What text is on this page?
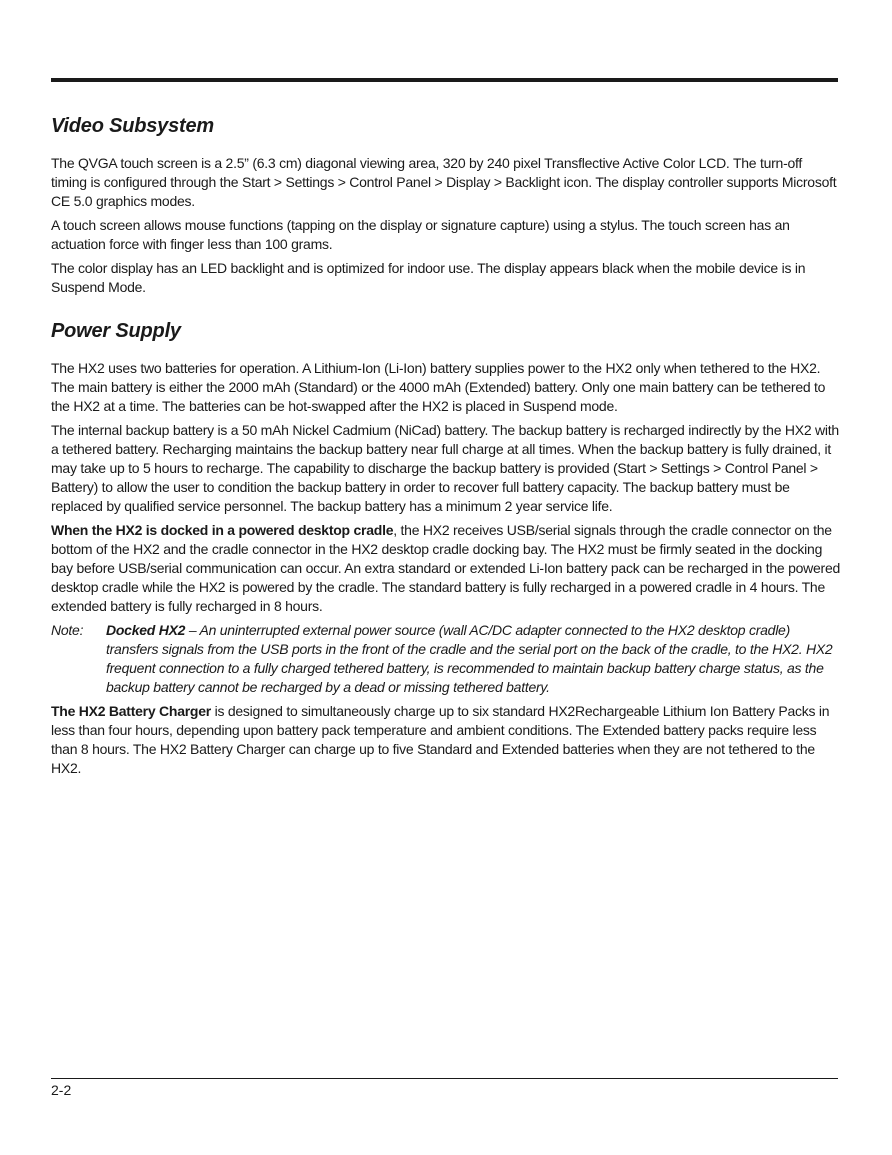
Video Subsystem

The QVGA touch screen is a 2.5” (6.3 cm) diagonal viewing area, 320 by 240 pixel Transflective Active Color LCD. The turn-off timing is configured through the Start > Settings > Control Panel > Display > Backlight icon. The display controller supports Microsoft CE 5.0 graphics modes.

A touch screen allows mouse functions (tapping on the display or signature capture) using a stylus. The touch screen has an actuation force with finger less than 100 grams.

The color display has an LED backlight and is optimized for indoor use. The display appears black when the mobile device is in Suspend Mode.

Power Supply

The HX2 uses two batteries for operation. A Lithium-Ion (Li-Ion) battery supplies power to the HX2 only when tethered to the HX2. The main battery is either the 2000 mAh (Standard) or the 4000 mAh (Extended) battery. Only one main battery can be tethered to the HX2 at a time. The batteries can be hot-swapped after the HX2 is placed in Suspend mode.

The internal backup battery is a 50 mAh Nickel Cadmium (NiCad) battery. The backup battery is recharged indirectly by the HX2 with a tethered battery. Recharging maintains the backup battery near full charge at all times. When the backup battery is fully drained, it may take up to 5 hours to recharge. The capability to discharge the backup battery is provided (Start > Settings > Control Panel > Battery) to allow the user to condition the backup battery in order to recover full battery capacity. The backup battery must be replaced by qualified service personnel. The backup battery has a minimum 2 year service life.

When the HX2 is docked in a powered desktop cradle, the HX2 receives USB/serial signals through the cradle connector on the bottom of the HX2 and the cradle connector in the HX2 desktop cradle docking bay. The HX2 must be firmly seated in the docking bay before USB/serial communication can occur. An extra standard or extended Li-Ion battery pack can be recharged in the powered desktop cradle while the HX2 is powered by the cradle. The standard battery is fully recharged in a powered cradle in 4 hours. The extended battery is fully recharged in 8 hours.

Note:	Docked HX2 – An uninterrupted external power source (wall AC/DC adapter connected to the HX2 desktop cradle) transfers signals from the USB ports in the front of the cradle and the serial port on the back of the cradle, to the HX2. HX2 frequent connection to a fully charged tethered battery, is recommended to maintain backup battery charge status, as the backup battery cannot be recharged by a dead or missing tethered battery.

The HX2 Battery Charger is designed to simultaneously charge up to six standard HX2Rechargeable Lithium Ion Battery Packs in less than four hours, depending upon battery pack temperature and ambient conditions. The Extended battery packs require less than 8 hours. The HX2 Battery Charger can charge up to five Standard and Extended batteries when they are not tethered to the HX2.

2-2
